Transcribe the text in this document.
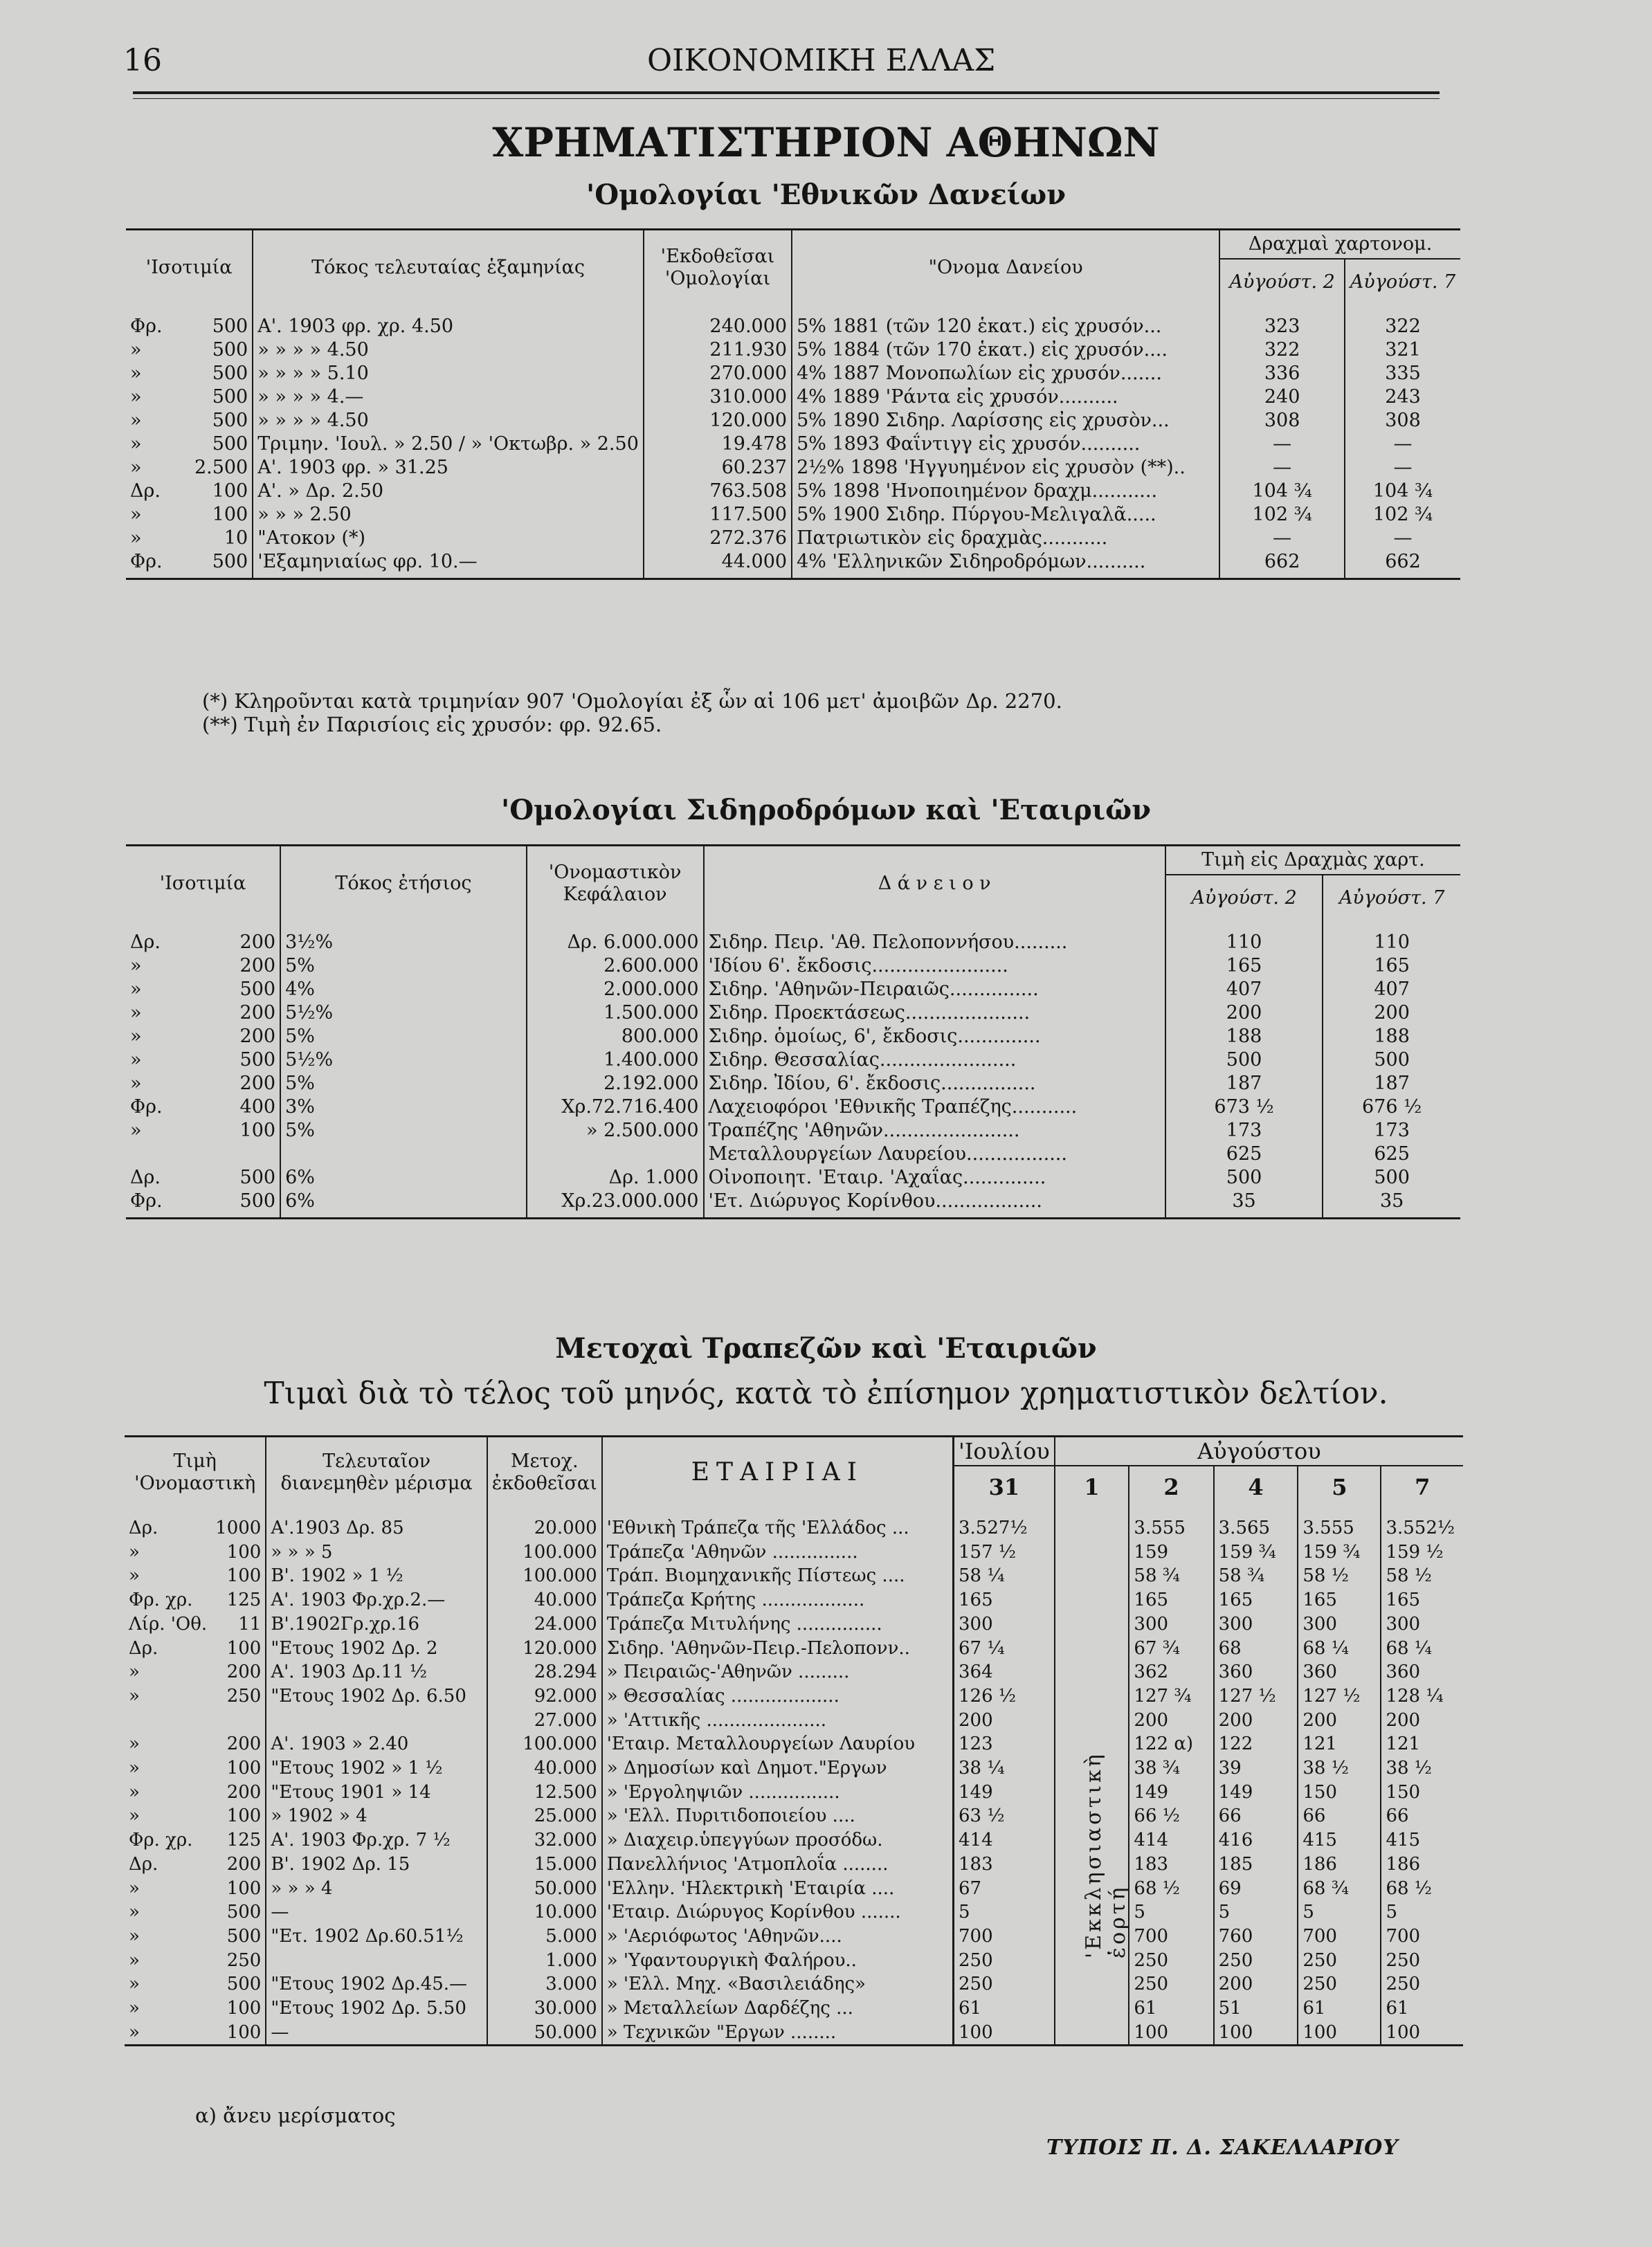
16	ΟΙΚΟΝΟΜΙΚΗ ΕΛΛΑΣ
ΧΡΗΜΑΤΙΣΤΗΡΙΟΝ ΑΘΗΝΩΝ
'Ομολογίαι 'Εθνικῶν Δανείων
'Ισοτιμία		Τόκος τελευταίας ἑξαμηνίας	'Εκδοθεῖσαι 'Ομολογίαι	"Ονομα Δανείου	Δραχμαὶ χαρτονομ.	
					Αὐγούστ. 2	Αὐγούστ. 7
Φρ.	500	Α'. 1903 φρ. χρ. 4.50	240.000	5% 1881 (τῶν 120 ἑκατ.) εἰς χρυσόν...	323	322
»	500	» » » » 4.50	211.930	5% 1884 (τῶν 170 ἑκατ.) εἰς χρυσόν....	322	321
»	500	» » » » 5.10	270.000	4% 1887 Μονοπωλίων εἰς χρυσόν.......	336	335
»	500	» » » » 4.—	310.000	4% 1889 'Ράντα εἰς χρυσόν..........	240	243
»	500	» » » » 4.50	120.000	5% 1890 Σιδηρ. Λαρίσσης εἰς χρυσὸν...	308	308
»	500	Τριμην. 'Ιουλ. » 2.50 / » 'Οκτωβρ. » 2.50	19.478	5% 1893 Φαΐντιγγ εἰς χρυσόν..........	—	—
»	2.500	Α'. 1903 φρ. » 31.25	60.237	2½% 1898 'Ηγγυημένον εἰς χρυσὸν (**)..	—	—
Δρ.	100	Α'. » Δρ. 2.50	763.508	5% 1898 'Ηνοποιημένον δραχμ...........	104 ¾	104 ¾
»	100	» » » 2.50	117.500	5% 1900 Σιδηρ. Πύργου-Μελιγαλᾶ.....	102 ¾	102 ¾
»	10	"Ατοκον (*)	272.376	Πατριωτικὸν εἰς δραχμὰς...........	—	—
Φρ.	500	'Εξαμηνιαίως φρ. 10.—	44.000	4% 'Ελληνικῶν Σιδηροδρόμων..........	662	662
(*) Κληροῦνται κατὰ τριμηνίαν 907 'Ομολογίαι ἐξ ὧν αἱ 106 μετ' ἀμοιβῶν Δρ. 2270.
(**) Τιμὴ ἐν Παρισίοις εἰς χρυσόν: φρ. 92.65.
'Ομολογίαι Σιδηροδρόμων καὶ 'Εταιριῶν
'Ισοτιμία		Τόκος ἐτήσιος	'Ονομαστικὸν Κεφάλαιον	Δ ά ν ε ι ο ν	Τιμὴ εἰς Δραχμὰς χαρτ.	
					Αὐγούστ. 2	Αὐγούστ. 7
Δρ.	200	3½%	Δρ. 6.000.000	Σιδηρ. Πειρ. 'Αθ. Πελοποννήσου.........	110	110
»	200	5%	2.600.000	'Ιδίου 6'. ἔκδοσις.......................	165	165
»	500	4%	2.000.000	Σιδηρ. 'Αθηνῶν-Πειραιῶς...............	407	407
»	200	5½%	1.500.000	Σιδηρ. Προεκτάσεως.....................	200	200
»	200	5%	800.000	Σιδηρ. ὁμοίως, 6', ἔκδοσις..............	188	188
»	500	5½%	1.400.000	Σιδηρ. Θεσσαλίας.......................	500	500
»	200	5%	2.192.000	Σιδηρ. Ἰδίου, 6'. ἔκδοσις................	187	187
Φρ.	400	3%	Χρ.72.716.400	Λαχειοφόροι 'Εθνικῆς Τραπέζης...........	673 ½	676 ½
»	100	5%	» 2.500.000	Τραπέζης 'Αθηνῶν.......................	173	173
				Μεταλλουργείων Λαυρείου.................	625	625
Δρ.	500	6%	Δρ. 1.000	Οἰνοποιητ. 'Εταιρ. 'Αχαΐας..............	500	500
Φρ.	500	6%	Χρ.23.000.000	'Ετ. Διώρυγος Κορίνθου..................	35	35
Μετοχαὶ Τραπεζῶν καὶ 'Εταιριῶν
Τιμαὶ διὰ τὸ τέλος τοῦ μηνός, κατὰ τὸ ἐπίσημον χρηματιστικὸν δελτίον.
Τιμὴ 'Ονομαστικὴ		Τελευταῖον διανεμηθὲν μέρισμα	Μετοχ. ἐκδοθεῖσαι	ΕΤΑΙΡΙΑΙ	'Ιουλίου	Αὐγούστου				
					31	1	2	4	5	7
Δρ.	1000	Α'.1903 Δρ. 85	20.000	'Εθνικὴ Τράπεζα τῆς 'Ελλάδος ...	3.527½		3.555	3.565	3.555	3.552½
»	100	» » » 5	100.000	Τράπεζα 'Αθηνῶν ...............	157 ½		159	159 ¾	159 ¾	159 ½
»	100	Β'. 1902 » 1 ½	100.000	Τράπ. Βιομηχανικῆς Πίστεως ....	58 ¼		58 ¾	58 ¾	58 ½	58 ½
Φρ. χρ.	125	Α'. 1903 Φρ.χρ.2.—	40.000	Τράπεζα Κρήτης ..................	165		165	165	165	165
Λίρ. 'Οθ.	11	Β'.1902Γρ.χρ.16	24.000	Τράπεζα Μιτυλήνης ...............	300		300	300	300	300
Δρ.	100	"Ετους 1902 Δρ. 2	120.000	Σιδηρ. 'Αθηνῶν-Πειρ.-Πελοπονν..	67 ¼		67 ¾	68	68 ¼	68 ¼
»	200	Α'. 1903 Δρ.11 ½	28.294	» Πειραιῶς-'Αθηνῶν .........	364		362	360	360	360
»	250	"Ετους 1902 Δρ. 6.50	92.000	» Θεσσαλίας ...................	126 ½		127 ¾	127 ½	127 ½	128 ¼
			27.000	» 'Αττικῆς .....................	200		200	200	200	200
»	200	Α'. 1903 » 2.40	100.000	'Εταιρ. Μεταλλουργείων Λαυρίου	123		122 α)	122	121	121
»	100	"Ετους 1902 » 1 ½	40.000	» Δημοσίων καὶ Δημοτ."Εργων	38 ¼		38 ¾	39	38 ½	38 ½
»	200	"Ετους 1901 » 14	12.500	» 'Εργοληψιῶν ................	149		149	149	150	150
»	100	» 1902 » 4	25.000	» 'Ελλ. Πυριτιδοποιείου ....	63 ½		66 ½	66	66	66
Φρ. χρ.	125	Α'. 1903 Φρ.χρ. 7 ½	32.000	» Διαχειρ.ὑπεγγύων προσόδω.	414		414	416	415	415
Δρ.	200	Β'. 1902 Δρ. 15	15.000	Πανελλήνιος 'Ατμοπλοΐα ........	183		183	185	186	186
»	100	» » » 4	50.000	'Ελλην. 'Ηλεκτρικὴ 'Εταιρία ....	67		68 ½	69	68 ¾	68 ½
»	500	—	10.000	'Εταιρ. Διώρυγος Κορίνθου .......	5		5	5	5	5
»	500	"Ετ. 1902 Δρ.60.51½	5.000	» 'Αεριόφωτος 'Αθηνῶν....	700		700	760	700	700
»	250		1.000	» 'Υφαντουργικὴ Φαλήρου..	250		250	250	250	250
»	500	"Ετους 1902 Δρ.45.—	3.000	» 'Ελλ. Μηχ. «Βασιλειάδης»	250		250	200	250	250
»	100	"Ετους 1902 Δρ. 5.50	30.000	» Μεταλλείων Δαρδέζης ...	61		61	51	61	61
»	100	—	50.000	» Τεχνικῶν "Εργων ........	100		100	100	100	100
'Εκκλησιαστικὴ ἑορτή
α) ἄνευ μερίσματος
ΤΥΠΟΙΣ Π. Δ. ΣΑΚΕΛΛΑΡΙΟΥ
